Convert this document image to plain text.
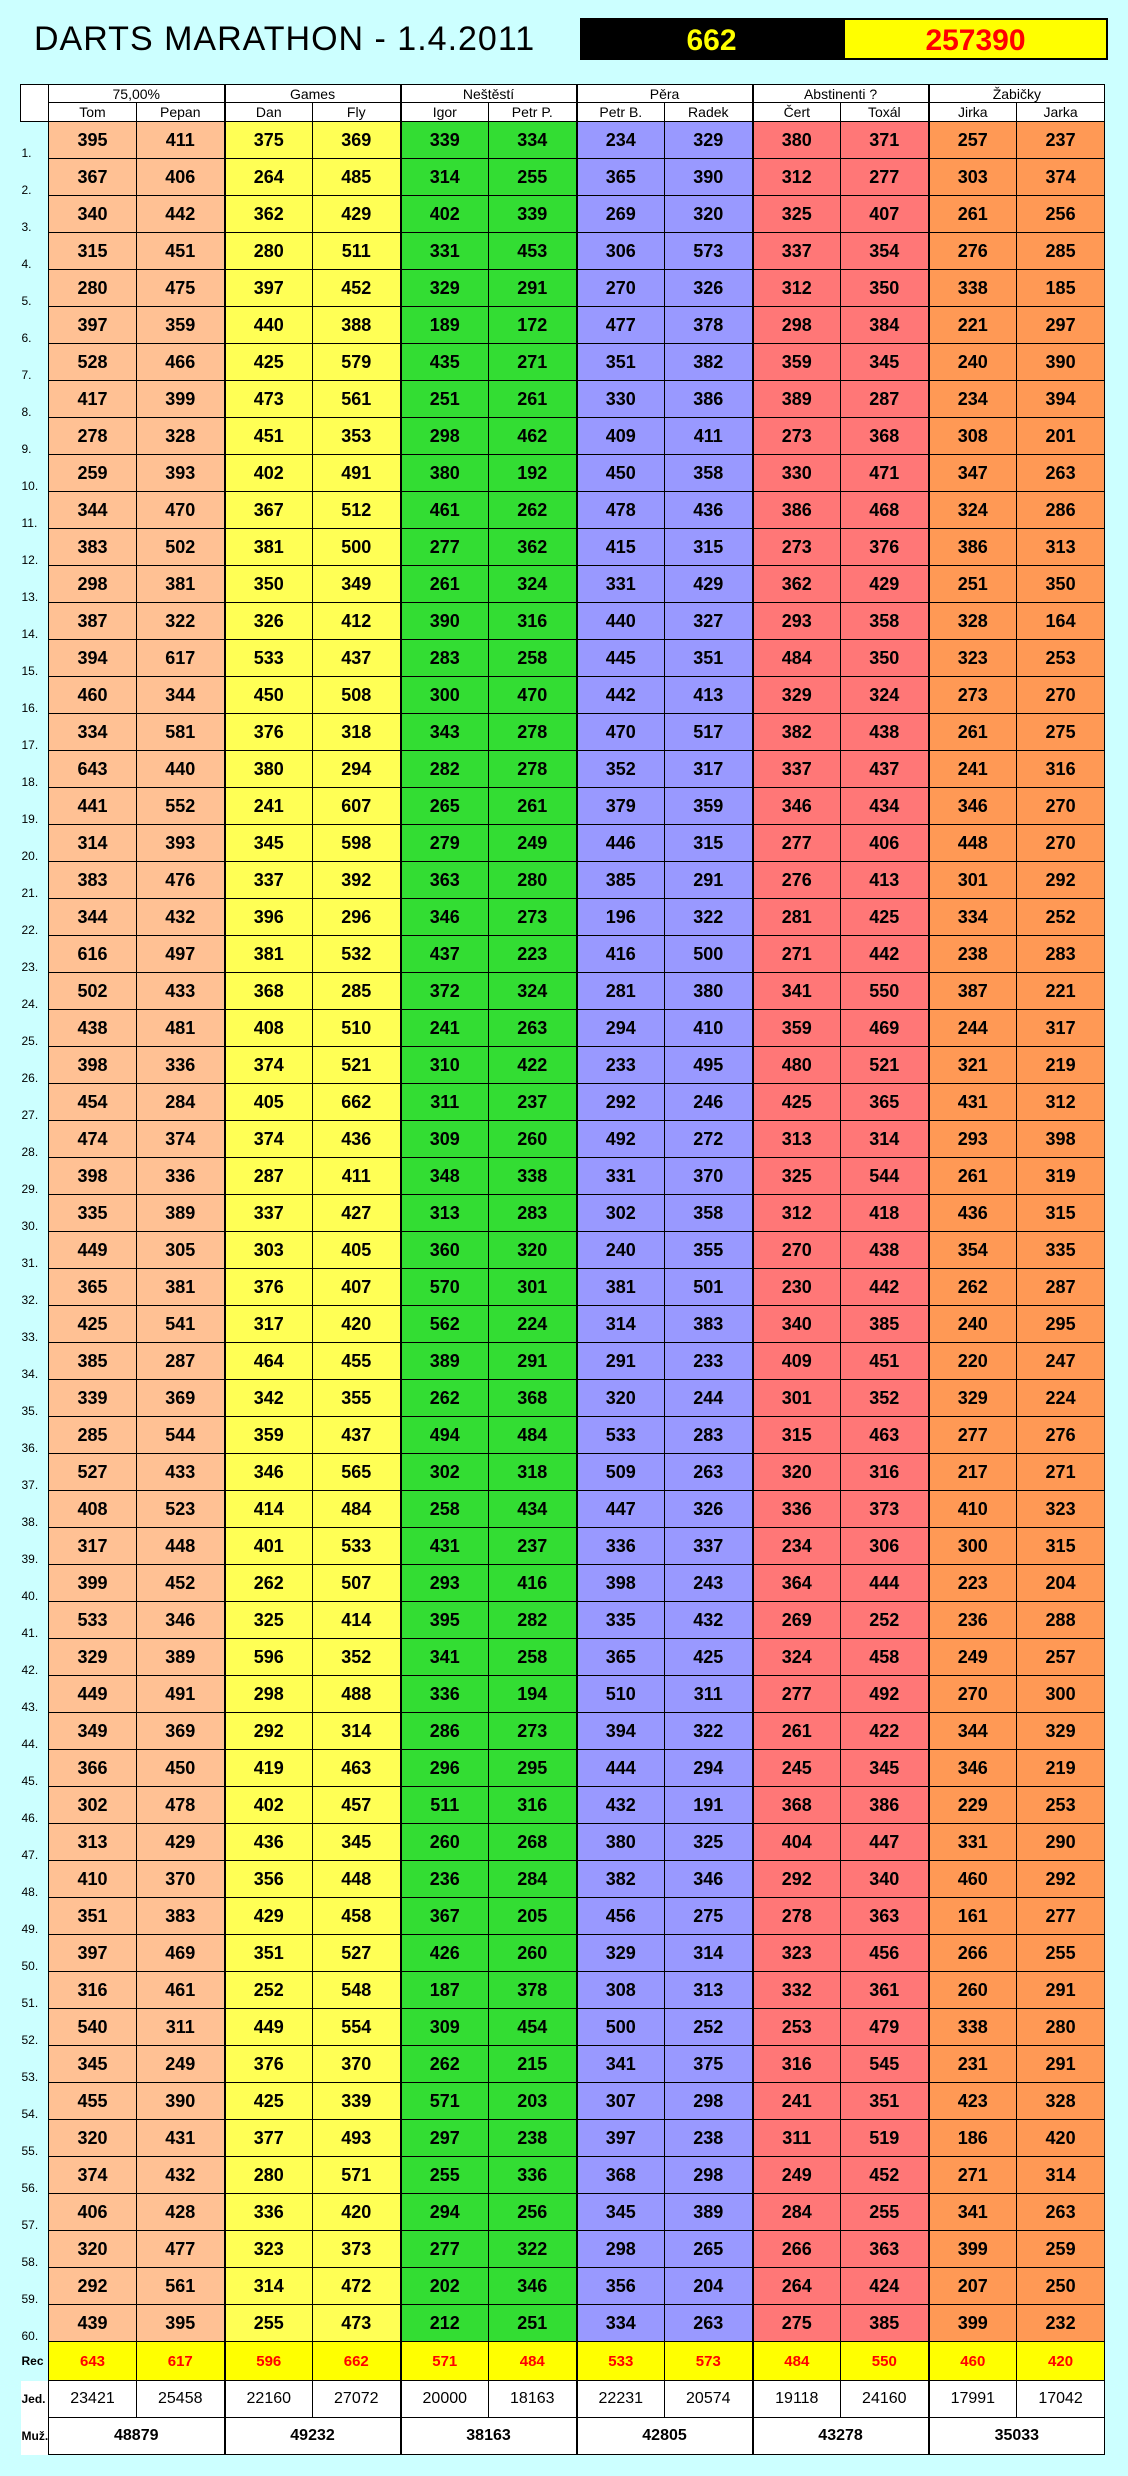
DARTS MARATHON - 1.4.2011	662	257390
	75,00%		Games		Neštěstí		Pěra		Abstinenti ?		Žabičky	
	Tom	Pepan	Dan	Fly	Igor	Petr P.	Petr B.	Radek	Čert	Toxál	Jirka	Jarka
1.	395	411	375	369	339	334	234	329	380	371	257	237
2.	367	406	264	485	314	255	365	390	312	277	303	374
3.	340	442	362	429	402	339	269	320	325	407	261	256
4.	315	451	280	511	331	453	306	573	337	354	276	285
5.	280	475	397	452	329	291	270	326	312	350	338	185
6.	397	359	440	388	189	172	477	378	298	384	221	297
7.	528	466	425	579	435	271	351	382	359	345	240	390
8.	417	399	473	561	251	261	330	386	389	287	234	394
9.	278	328	451	353	298	462	409	411	273	368	308	201
10.	259	393	402	491	380	192	450	358	330	471	347	263
11.	344	470	367	512	461	262	478	436	386	468	324	286
12.	383	502	381	500	277	362	415	315	273	376	386	313
13.	298	381	350	349	261	324	331	429	362	429	251	350
14.	387	322	326	412	390	316	440	327	293	358	328	164
15.	394	617	533	437	283	258	445	351	484	350	323	253
16.	460	344	450	508	300	470	442	413	329	324	273	270
17.	334	581	376	318	343	278	470	517	382	438	261	275
18.	643	440	380	294	282	278	352	317	337	437	241	316
19.	441	552	241	607	265	261	379	359	346	434	346	270
20.	314	393	345	598	279	249	446	315	277	406	448	270
21.	383	476	337	392	363	280	385	291	276	413	301	292
22.	344	432	396	296	346	273	196	322	281	425	334	252
23.	616	497	381	532	437	223	416	500	271	442	238	283
24.	502	433	368	285	372	324	281	380	341	550	387	221
25.	438	481	408	510	241	263	294	410	359	469	244	317
26.	398	336	374	521	310	422	233	495	480	521	321	219
27.	454	284	405	662	311	237	292	246	425	365	431	312
28.	474	374	374	436	309	260	492	272	313	314	293	398
29.	398	336	287	411	348	338	331	370	325	544	261	319
30.	335	389	337	427	313	283	302	358	312	418	436	315
31.	449	305	303	405	360	320	240	355	270	438	354	335
32.	365	381	376	407	570	301	381	501	230	442	262	287
33.	425	541	317	420	562	224	314	383	340	385	240	295
34.	385	287	464	455	389	291	291	233	409	451	220	247
35.	339	369	342	355	262	368	320	244	301	352	329	224
36.	285	544	359	437	494	484	533	283	315	463	277	276
37.	527	433	346	565	302	318	509	263	320	316	217	271
38.	408	523	414	484	258	434	447	326	336	373	410	323
39.	317	448	401	533	431	237	336	337	234	306	300	315
40.	399	452	262	507	293	416	398	243	364	444	223	204
41.	533	346	325	414	395	282	335	432	269	252	236	288
42.	329	389	596	352	341	258	365	425	324	458	249	257
43.	449	491	298	488	336	194	510	311	277	492	270	300
44.	349	369	292	314	286	273	394	322	261	422	344	329
45.	366	450	419	463	296	295	444	294	245	345	346	219
46.	302	478	402	457	511	316	432	191	368	386	229	253
47.	313	429	436	345	260	268	380	325	404	447	331	290
48.	410	370	356	448	236	284	382	346	292	340	460	292
49.	351	383	429	458	367	205	456	275	278	363	161	277
50.	397	469	351	527	426	260	329	314	323	456	266	255
51.	316	461	252	548	187	378	308	313	332	361	260	291
52.	540	311	449	554	309	454	500	252	253	479	338	280
53.	345	249	376	370	262	215	341	375	316	545	231	291
54.	455	390	425	339	571	203	307	298	241	351	423	328
55.	320	431	377	493	297	238	397	238	311	519	186	420
56.	374	432	280	571	255	336	368	298	249	452	271	314
57.	406	428	336	420	294	256	345	389	284	255	341	263
58.	320	477	323	373	277	322	298	265	266	363	399	259
59.	292	561	314	472	202	346	356	204	264	424	207	250
60.	439	395	255	473	212	251	334	263	275	385	399	232
Rec	643	617	596	662	571	484	533	573	484	550	460	420
Jed.	23421	25458	22160	27072	20000	18163	22231	20574	19118	24160	17991	17042
Muž.	48879		49232		38163		42805		43278		35033	
